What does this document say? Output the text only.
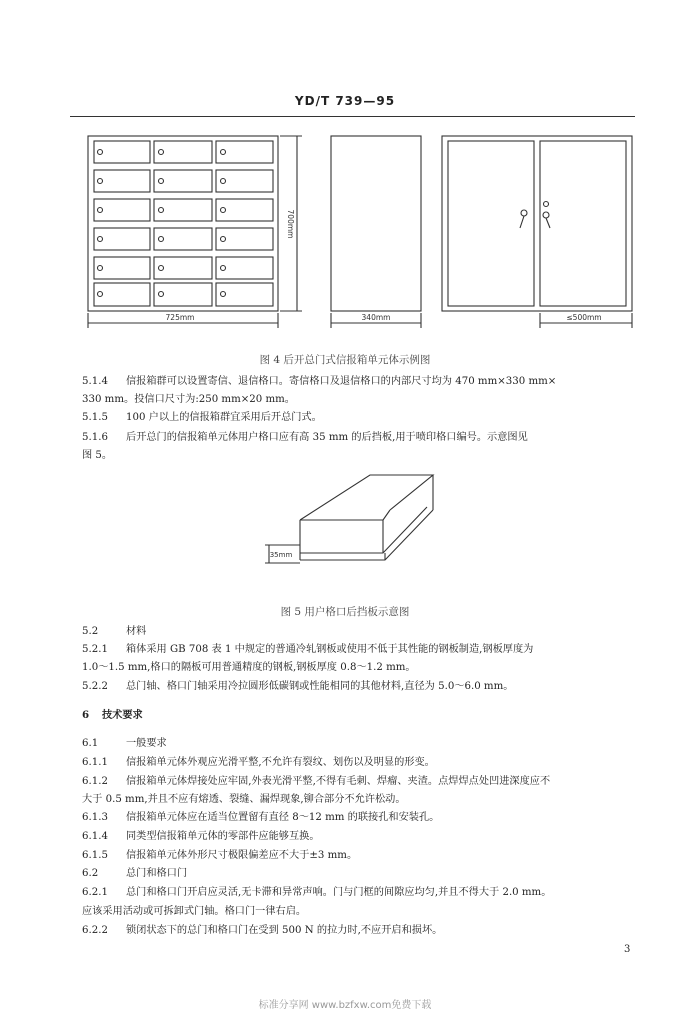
YD/T 739—95
725mm
700mm
340mm	≤500mm
图 4 后开总门式信报箱单元体示例图
5.1.4 信报箱群可以设置寄信、退信格口。寄信格口及退信格口的内部尺寸均为 470 mm×330 mm×
330 mm。投信口尺寸为:250 mm×20 mm。
5.1.5 100 户以上的信报箱群宜采用后开总门式。
5.1.6 后开总门的信报箱单元体用户格口应有高 35 mm 的后挡板,用于喷印格口编号。示意图见
图 5。
35mm
图 5 用户格口后挡板示意图
5.2	材料
5.2.1 箱体采用 GB 708 表 1 中规定的普通冷轧钢板或使用不低于其性能的钢板制造,钢板厚度为
1.0～1.5 mm,格口的隔板可用普通精度的钢板,钢板厚度 0.8～1.2 mm。
5.2.2 总门轴、格口门轴采用冷拉圆形低碳钢或性能相同的其他材料,直径为 5.0～6.0 mm。
6 技术要求
6.1	一般要求
6.1.1 信报箱单元体外观应光滑平整,不允许有裂纹、划伤以及明显的形变。
6.1.2 信报箱单元体焊接处应牢固,外表光滑平整,不得有毛刺、焊瘤、夹渣。点焊焊点处凹进深度应不
大于 0.5 mm,并且不应有熔透、裂缝、漏焊现象,铆合部分不允许松动。
6.1.3 信报箱单元体应在适当位置留有直径 8～12 mm 的联接孔和安装孔。
6.1.4 同类型信报箱单元体的零部件应能够互换。
6.1.5 信报箱单元体外形尺寸极限偏差应不大于±3 mm。
6.2	总门和格口门
6.2.1 总门和格口门开启应灵活,无卡滞和异常声响。门与门框的间隙应均匀,并且不得大于 2.0 mm。
应该采用活动或可拆卸式门轴。格口门一律右启。
6.2.2 锁闭状态下的总门和格口门在受到 500 N 的拉力时,不应开启和损坏。
3
标准分享网 www.bzfxw.com免费下载
